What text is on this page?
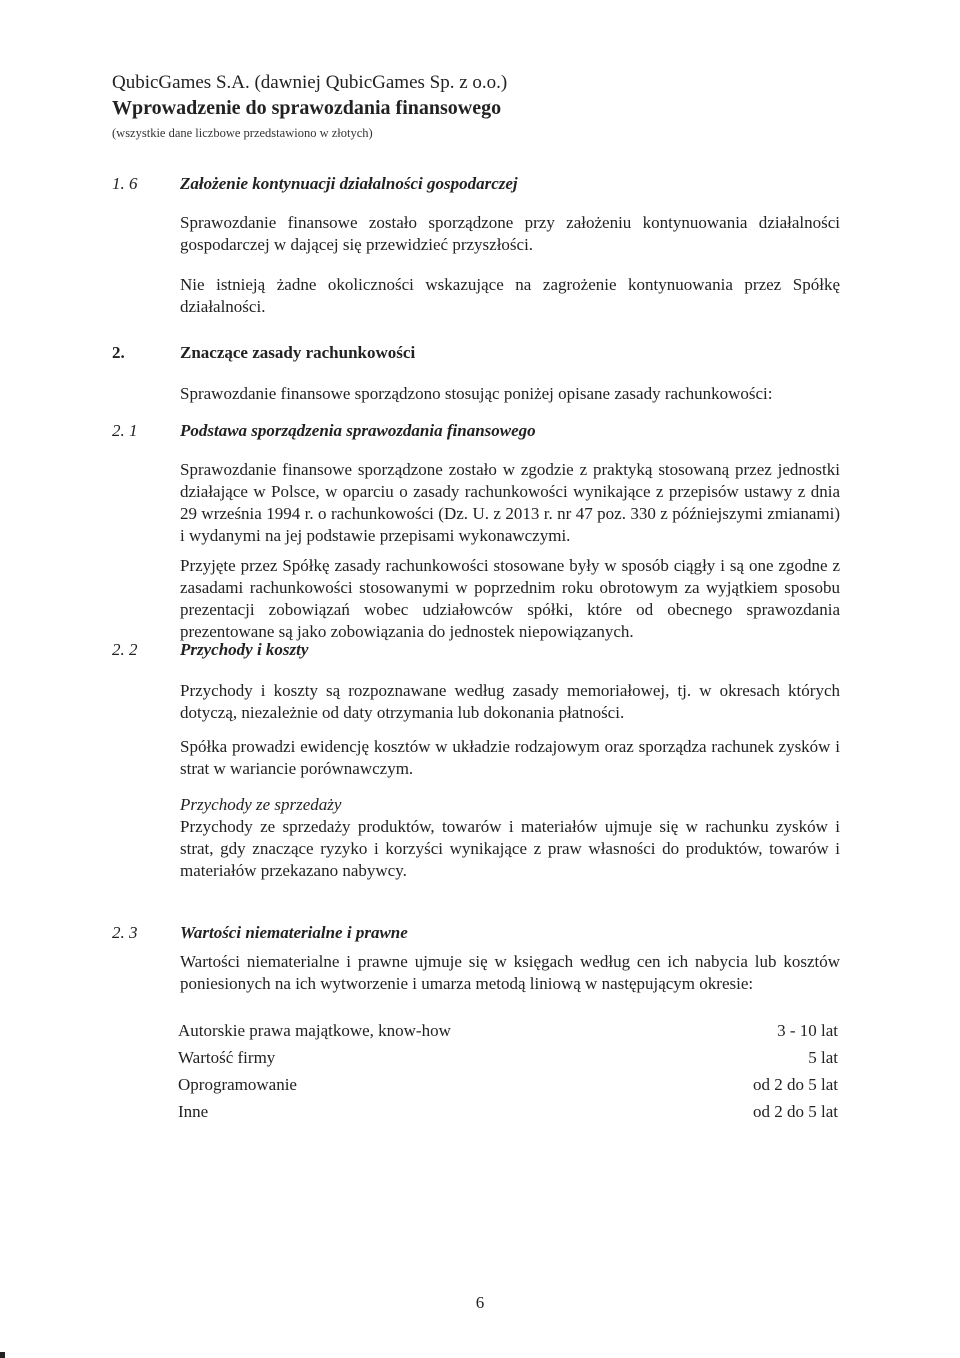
QubicGames S.A. (dawniej QubicGames Sp. z o.o.)
Wprowadzenie do sprawozdania finansowego
(wszystkie dane liczbowe przedstawiono w złotych)
1. 6	Założenie kontynuacji działalności gospodarczej
Sprawozdanie finansowe zostało sporządzone przy założeniu kontynuowania działalności gospodarczej w dającej się przewidzieć przyszłości.
Nie istnieją żadne okoliczności wskazujące na zagrożenie kontynuowania przez Spółkę działalności.
2.	Znaczące zasady rachunkowości
Sprawozdanie finansowe sporządzono stosując poniżej opisane zasady rachunkowości:
2. 1	Podstawa sporządzenia sprawozdania finansowego
Sprawozdanie finansowe sporządzone zostało w zgodzie z praktyką stosowaną przez jednostki działające w Polsce, w oparciu o zasady rachunkowości wynikające z przepisów ustawy z dnia 29 września 1994 r. o rachunkowości (Dz. U. z 2013 r. nr 47 poz. 330 z późniejszymi zmianami) i wydanymi na jej podstawie przepisami wykonawczymi.
Przyjęte przez Spółkę zasady rachunkowości stosowane były w sposób ciągły i są one zgodne z zasadami rachunkowości stosowanymi w poprzednim roku obrotowym za wyjątkiem sposobu prezentacji zobowiązań wobec udziałowców spółki, które od obecnego sprawozdania prezentowane są jako zobowiązania do jednostek niepowiązanych.
2. 2	Przychody i koszty
Przychody i koszty są rozpoznawane według zasady memoriałowej, tj. w okresach których dotyczą, niezależnie od daty otrzymania lub dokonania płatności.
Spółka prowadzi ewidencję kosztów w układzie rodzajowym oraz sporządza rachunek zysków i strat w wariancie porównawczym.
Przychody ze sprzedaży
Przychody ze sprzedaży produktów, towarów i materiałów ujmuje się w rachunku zysków i strat, gdy znaczące ryzyko i korzyści wynikające z praw własności do produktów, towarów i materiałów przekazano nabywcy.
2. 3	Wartości niematerialne i prawne
Wartości niematerialne i prawne ujmuje się w księgach według cen ich nabycia lub kosztów poniesionych na ich wytworzenie i umarza metodą liniową w następującym okresie:
Autorskie prawa majątkowe, know-how	3 - 10 lat
Wartość firmy	5 lat
Oprogramowanie	od 2 do 5 lat
Inne	od 2 do 5 lat
6
